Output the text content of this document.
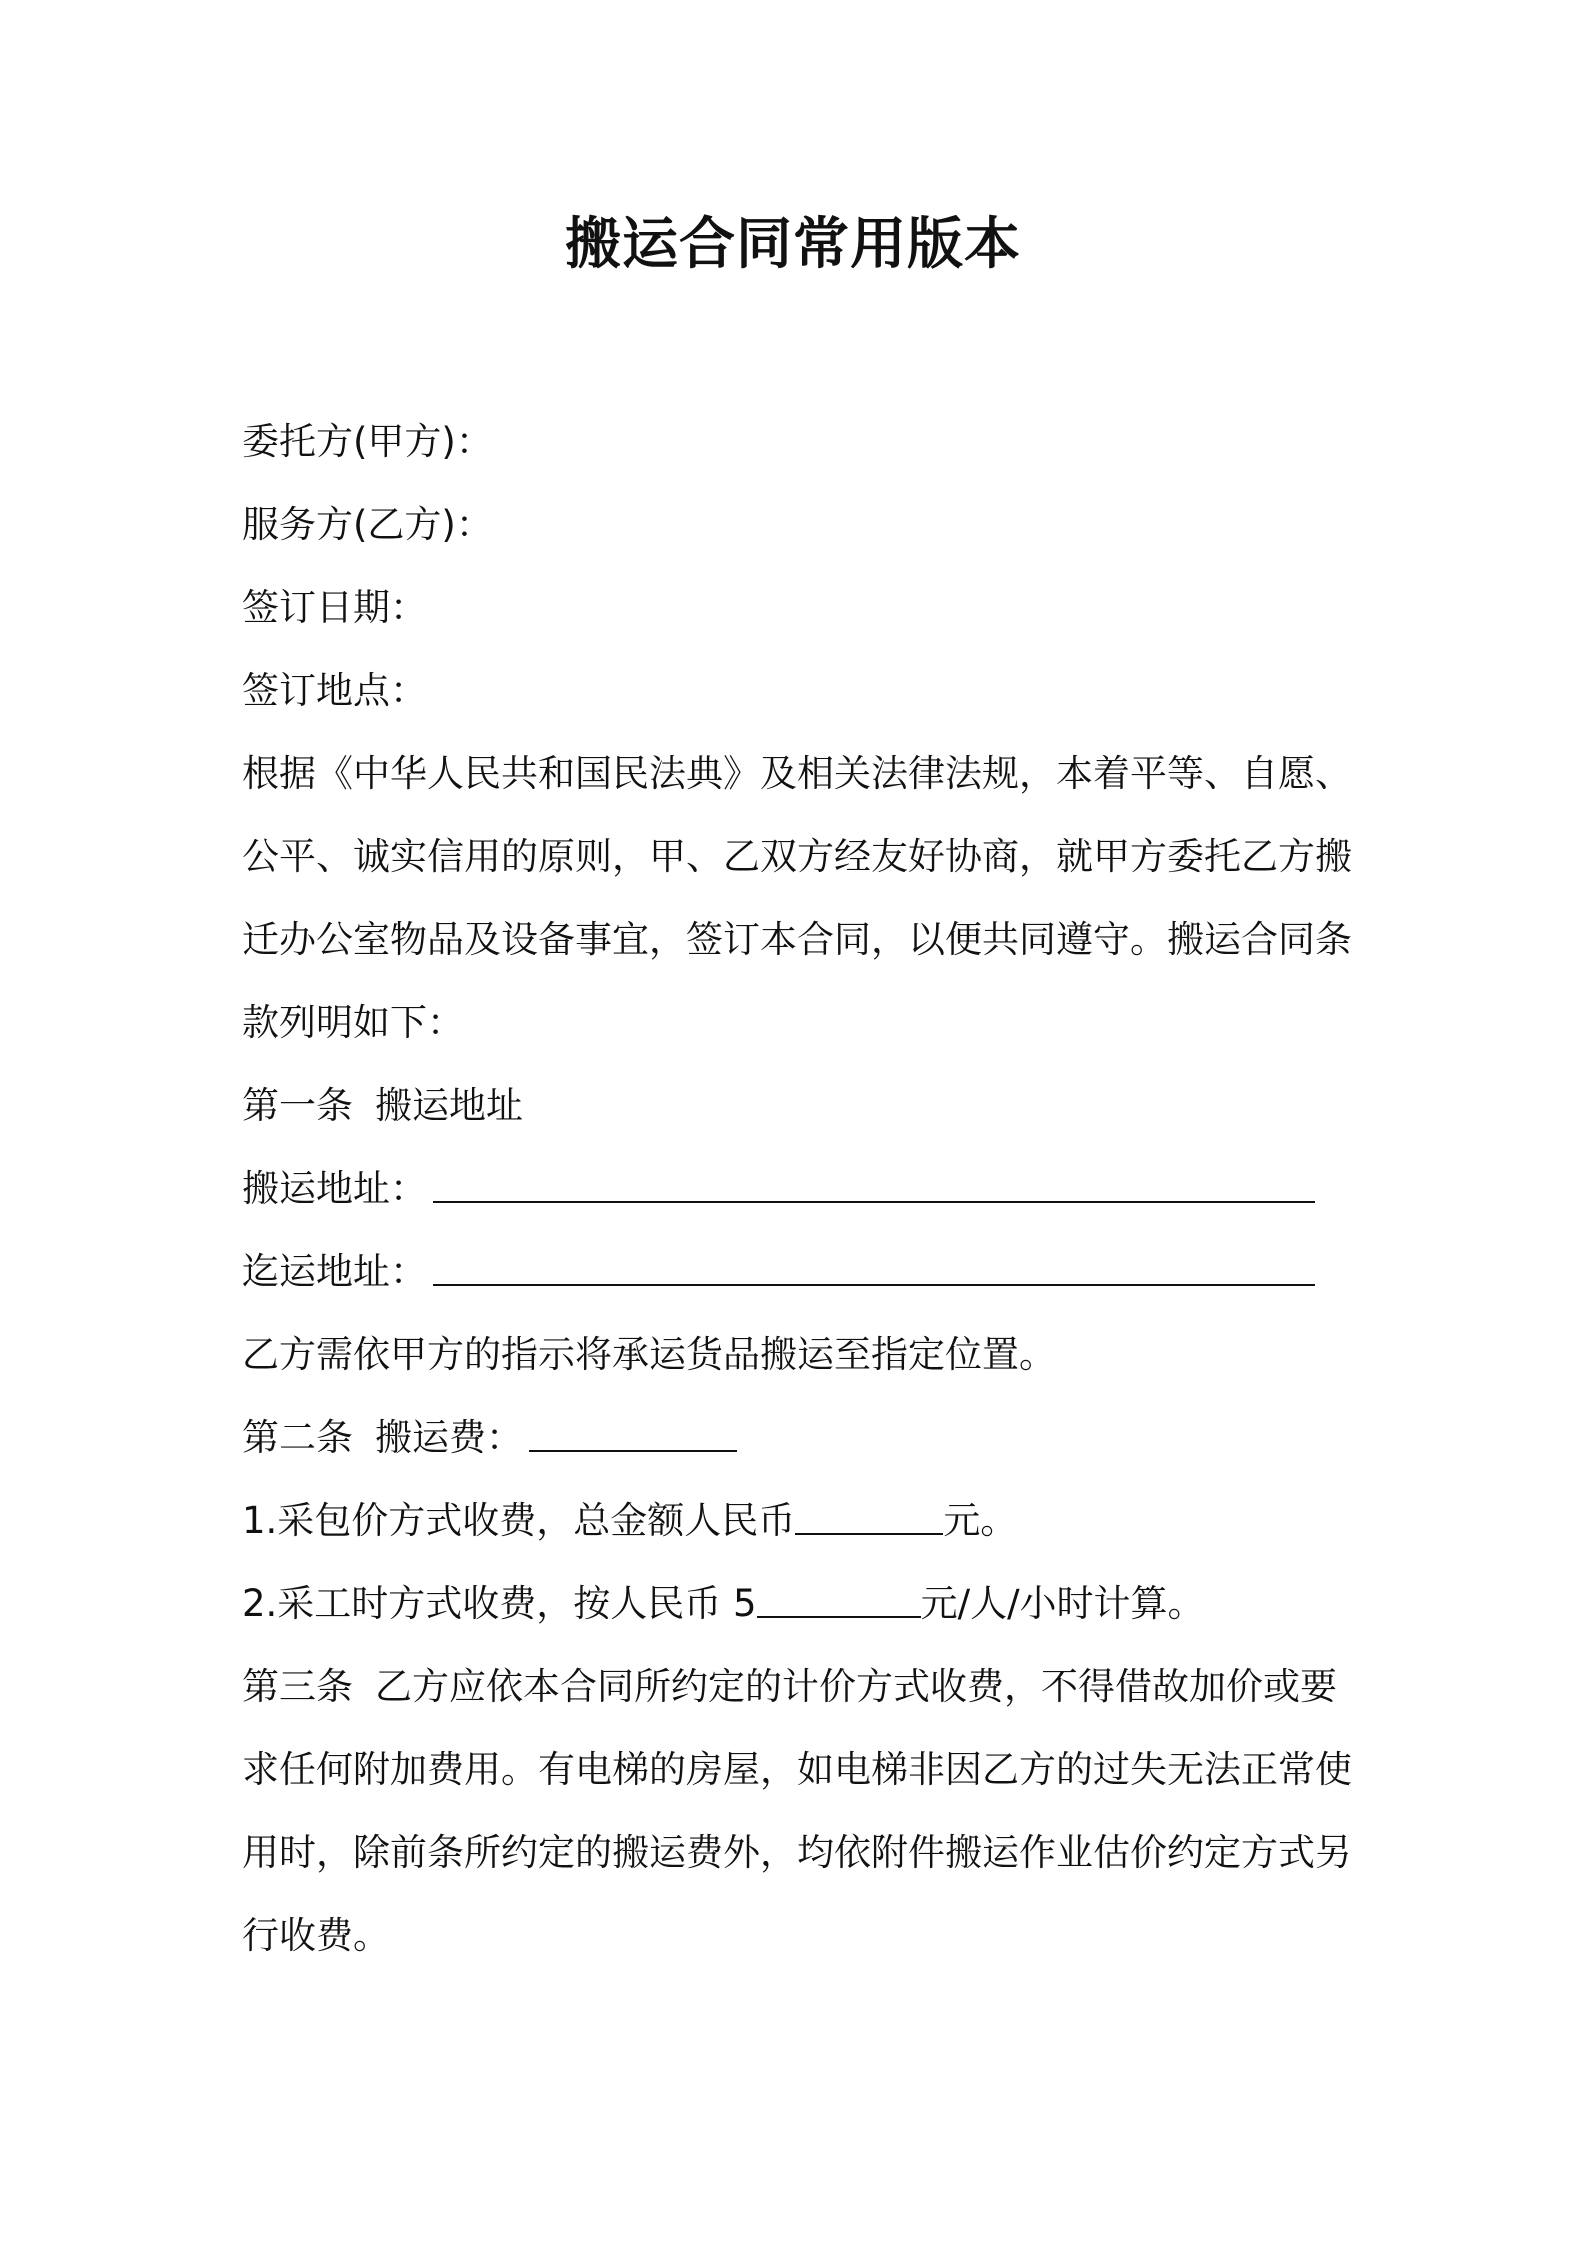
搬运合同常用版本
委托方(甲方)：
服务方(乙方)：
签订日期：
签订地点：
根据《中华人民共和国民法典》及相关法律法规，本着平等、自愿、
公平、诚实信用的原则，甲、乙双方经友好协商，就甲方委托乙方搬
迁办公室物品及设备事宜，签订本合同，以便共同遵守。搬运合同条
款列明如下：
第一条 搬运地址
搬运地址：
迄运地址：
乙方需依甲方的指示将承运货品搬运至指定位置。
第二条 搬运费：
1.采包价方式收费，总金额人民币	元。
2.采工时方式收费，按人民币 5	元/人/小时计算。
第三条 乙方应依本合同所约定的计价方式收费，不得借故加价或要
求任何附加费用。有电梯的房屋，如电梯非因乙方的过失无法正常使
用时，除前条所约定的搬运费外，均依附件搬运作业估价约定方式另
行收费。
